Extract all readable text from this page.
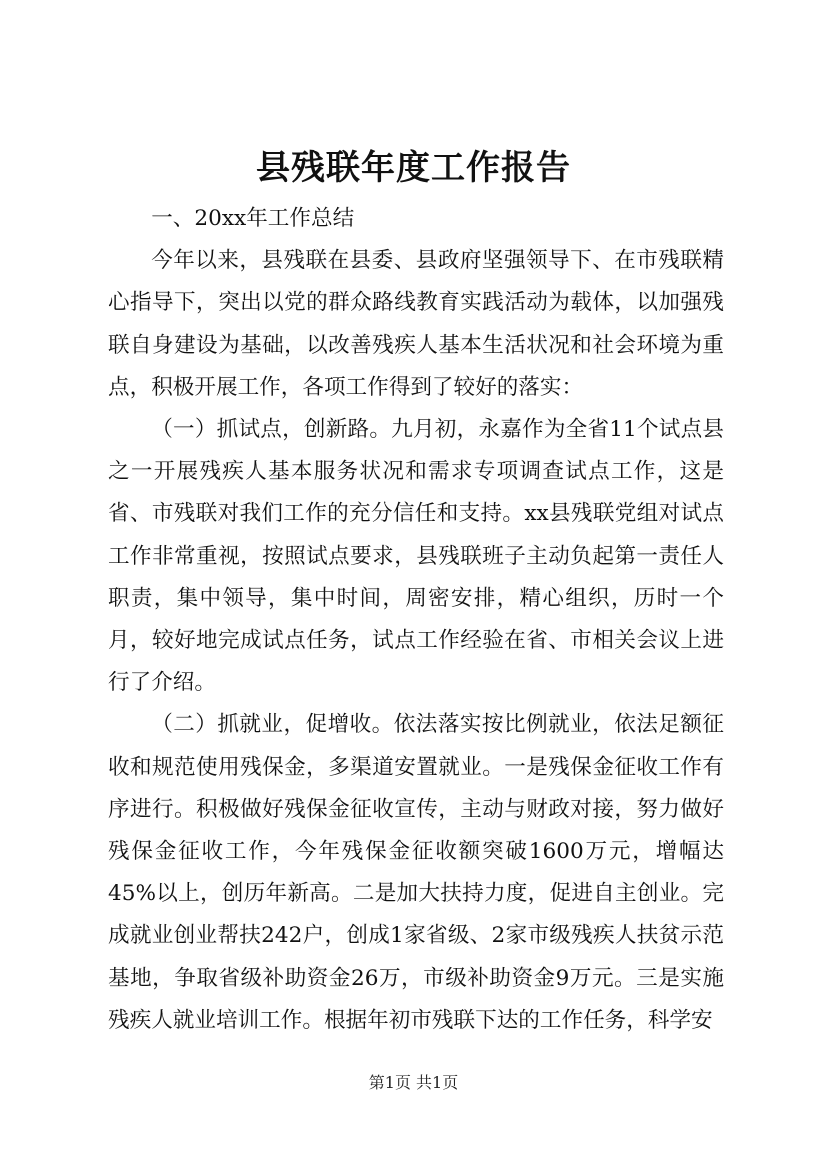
县残联年度工作报告

一、20xx年工作总结

今年以来，县残联在县委、县政府坚强领导下、在市残联精心指导下，突出以党的群众路线教育实践活动为载体，以加强残联自身建设为基础，以改善残疾人基本生活状况和社会环境为重点，积极开展工作，各项工作得到了较好的落实：

（一）抓试点，创新路。九月初，永嘉作为全省11个试点县之一开展残疾人基本服务状况和需求专项调查试点工作，这是省、市残联对我们工作的充分信任和支持。xx县残联党组对试点工作非常重视，按照试点要求，县残联班子主动负起第一责任人职责，集中领导，集中时间，周密安排，精心组织，历时一个月，较好地完成试点任务，试点工作经验在省、市相关会议上进行了介绍。

（二）抓就业，促增收。依法落实按比例就业，依法足额征收和规范使用残保金，多渠道安置就业。一是残保金征收工作有序进行。积极做好残保金征收宣传，主动与财政对接，努力做好残保金征收工作，今年残保金征收额突破1600万元，增幅达45%以上，创历年新高。二是加大扶持力度，促进自主创业。完成就业创业帮扶242户，创成1家省级、2家市级残疾人扶贫示范基地，争取省级补助资金26万，市级补助资金9万元。三是实施残疾人就业培训工作。根据年初市残联下达的工作任务，科学安

第1页 共1页
